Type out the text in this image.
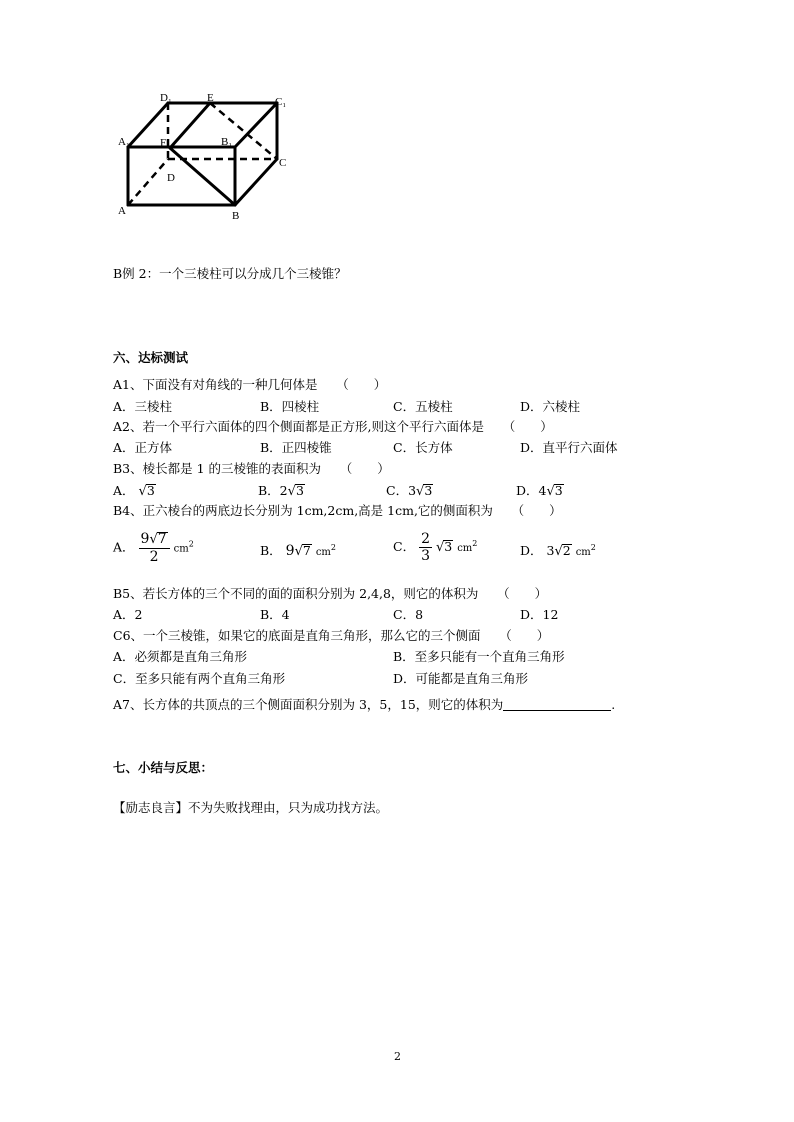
D₁	E	C₁
A₁	F	B₁
C
D
A	B
B例 2：一个三棱柱可以分成几个三棱锥？
六、达标测试
A1、下面没有对角线的一种几何体是　　（　　）
A．三棱柱	B．四棱柱	C．五棱柱	D．六棱柱
A2、若一个平行六面体的四个侧面都是正方形,则这个平行六面体是　　（　　）
A．正方体	B．正四棱锥	C．长方体	D．直平行六面体
B3、棱长都是 1 的三棱锥的表面积为　　（　　）
A． √3	B．2√3	C．3√3	D．4√3
B4、正六棱台的两底边长分别为 1cm,2cm,高是 1cm,它的侧面积为　　（　　）
A． $\frac{9√7}{2} cm^2$	B． 9√7 $cm^2$	C． $\frac{2}{3} √3$ $cm^2$	D． 3√2 $cm^2$
B5、若长方体的三个不同的面的面积分别为 2,4,8，则它的体积为　　（　　）
A．2	B．4	C．8	D．12
C6、一个三棱锥，如果它的底面是直角三角形，那么它的三个侧面　　（　　）
A．必须都是直角三角形	B．至多只能有一个直角三角形
C．至多只能有两个直角三角形	D．可能都是直角三角形
A7、长方体的共顶点的三个侧面面积分别为 3，5，15，则它的体积为	.
七、小结与反思：
【励志良言】不为失败找理由，只为成功找方法。
2
